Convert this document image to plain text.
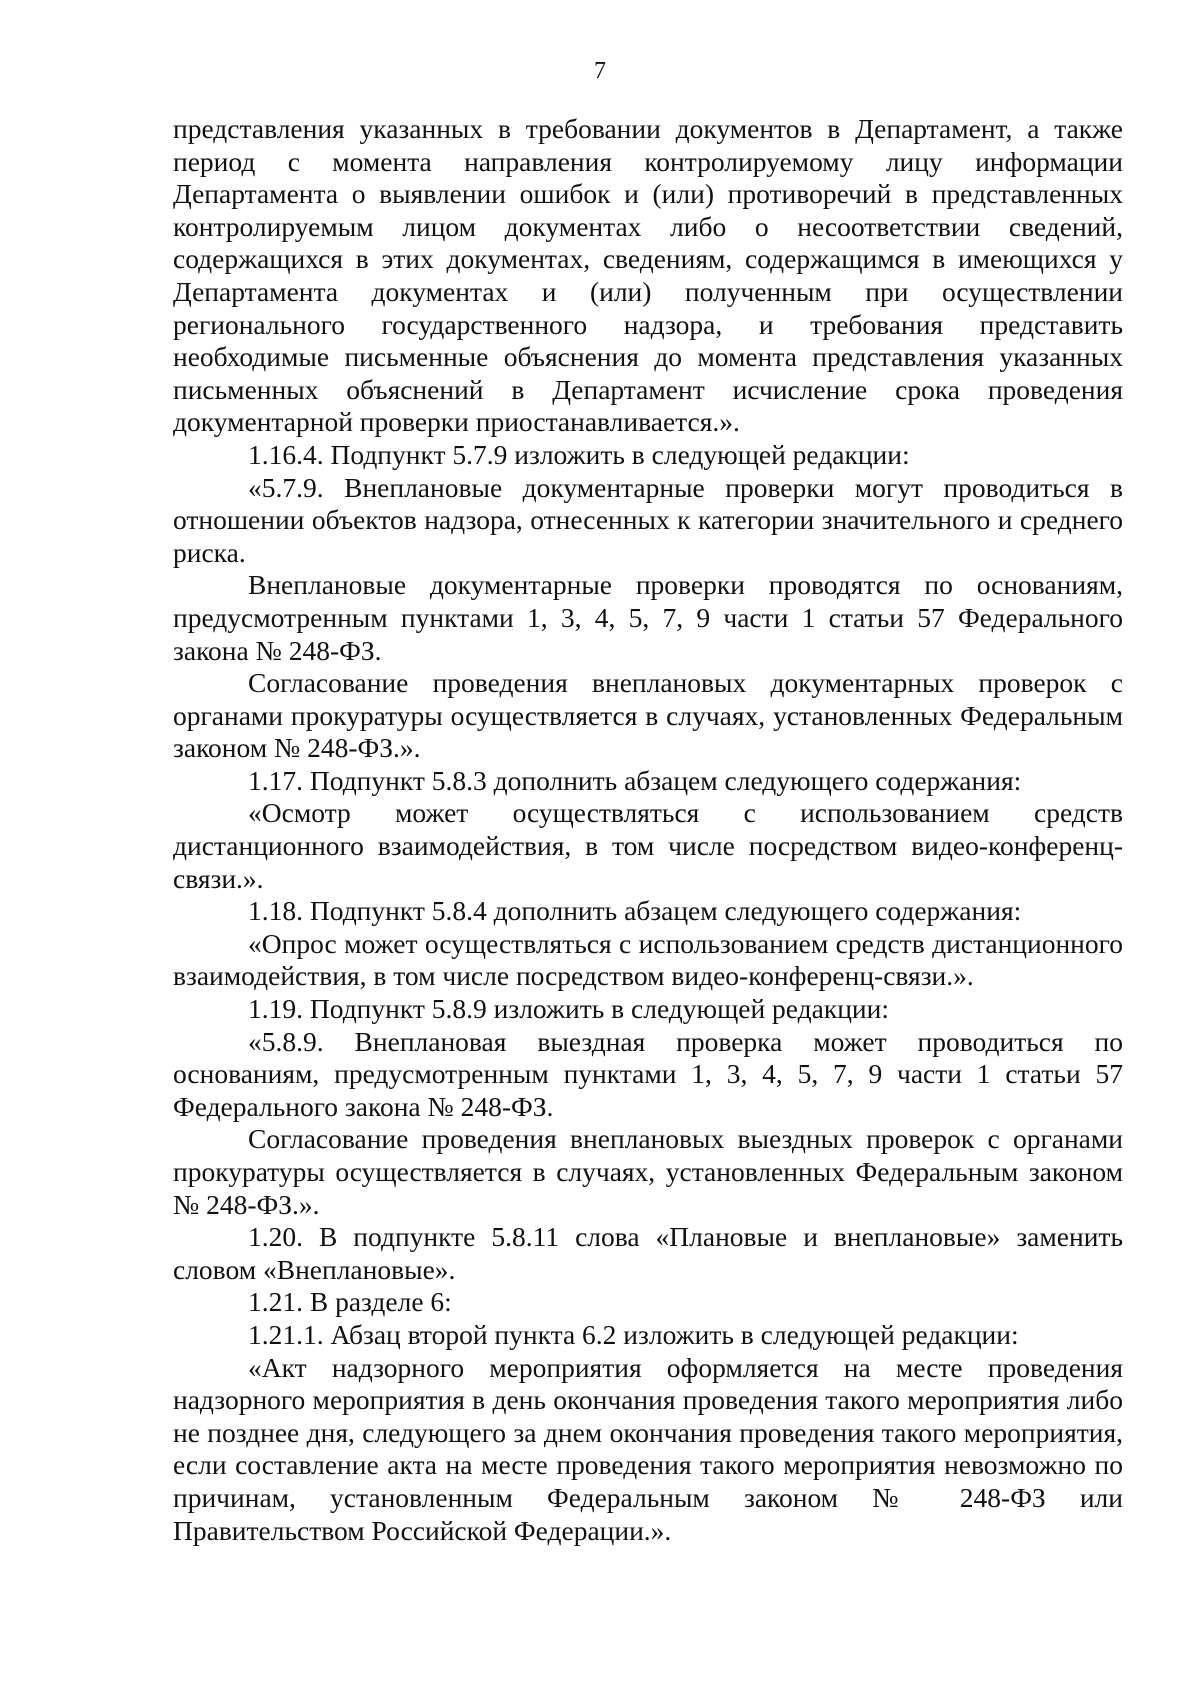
7

представления указанных в требовании документов в Департамент, а также период с момента направления контролируемому лицу информации Департамента о выявлении ошибок и (или) противоречий в представленных контролируемым лицом документах либо о несоответствии сведений, содержащихся в этих документах, сведениям, содержащимся в имеющихся у Департамента документах и (или) полученным при осуществлении регионального государственного надзора, и требования представить необходимые письменные объяснения до момента представления указанных письменных объяснений в Департамент исчисление срока проведения документарной проверки приостанавливается.».

1.16.4. Подпункт 5.7.9 изложить в следующей редакции:

«5.7.9. Внеплановые документарные проверки могут проводиться в отношении объектов надзора, отнесенных к категории значительного и среднего риска.

Внеплановые документарные проверки проводятся по основаниям, предусмотренным пунктами 1, 3, 4, 5, 7, 9 части 1 статьи 57 Федерального закона № 248-ФЗ.

Согласование проведения внеплановых документарных проверок с органами прокуратуры осуществляется в случаях, установленных Федеральным законом № 248-ФЗ.».

1.17. Подпункт 5.8.3 дополнить абзацем следующего содержания:

«Осмотр может осуществляться с использованием средств дистанционного взаимодействия, в том числе посредством видео-конференц-связи.».

1.18. Подпункт 5.8.4 дополнить абзацем следующего содержания:

«Опрос может осуществляться с использованием средств дистанционного взаимодействия, в том числе посредством видео-конференц-связи.».

1.19. Подпункт 5.8.9 изложить в следующей редакции:

«5.8.9. Внеплановая выездная проверка может проводиться по основаниям, предусмотренным пунктами 1, 3, 4, 5, 7, 9 части 1 статьи 57 Федерального закона № 248-ФЗ.

Согласование проведения внеплановых выездных проверок с органами прокуратуры осуществляется в случаях, установленных Федеральным законом № 248-ФЗ.».

1.20. В подпункте 5.8.11 слова «Плановые и внеплановые» заменить словом «Внеплановые».

1.21. В разделе 6:

1.21.1. Абзац второй пункта 6.2 изложить в следующей редакции:

«Акт надзорного мероприятия оформляется на месте проведения надзорного мероприятия в день окончания проведения такого мероприятия либо не позднее дня, следующего за днем окончания проведения такого мероприятия, если составление акта на месте проведения такого мероприятия невозможно по причинам, установленным Федеральным законом № 248-ФЗ или Правительством Российской Федерации.».
